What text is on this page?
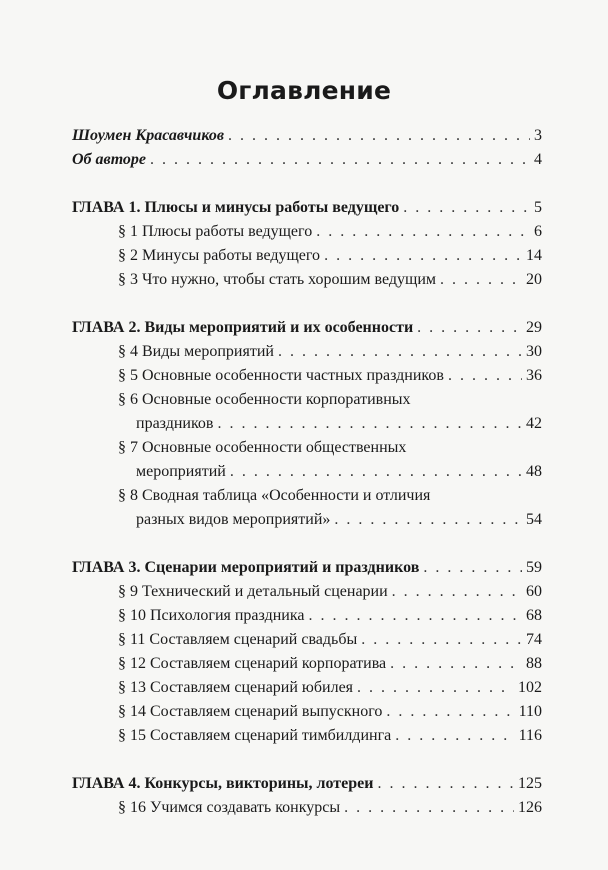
Оглавление
Шоумен Красавчиков . . .	3
Об авторе . . .	4
ГЛАВА 1. Плюсы и минусы работы ведущего . . .	5
§ 1 Плюсы работы ведущего . . .	6
§ 2 Минусы работы ведущего . . .	14
§ 3 Что нужно, чтобы стать хорошим ведущим . . .	20
ГЛАВА 2. Виды мероприятий и их особенности . . .	29
§ 4 Виды мероприятий . . .	30
§ 5 Основные особенности частных праздников . . .	36
§ 6 Основные особенности корпоративных
праздников . . .	42
§ 7 Основные особенности общественных
мероприятий . . .	48
§ 8 Сводная таблица «Особенности и отличия
разных видов мероприятий» . . .	54
ГЛАВА 3. Сценарии мероприятий и праздников . . .	59
§ 9 Технический и детальный сценарии . . .	60
§ 10 Психология праздника . . .	68
§ 11 Составляем сценарий свадьбы . . .	74
§ 12 Составляем сценарий корпоратива . . .	88
§ 13 Составляем сценарий юбилея . . .	102
§ 14 Составляем сценарий выпускного . . .	110
§ 15 Составляем сценарий тимбилдинга . . .	116
ГЛАВА 4. Конкурсы, викторины, лотереи . . .	125
§ 16 Учимся создавать конкурсы . . .	126
